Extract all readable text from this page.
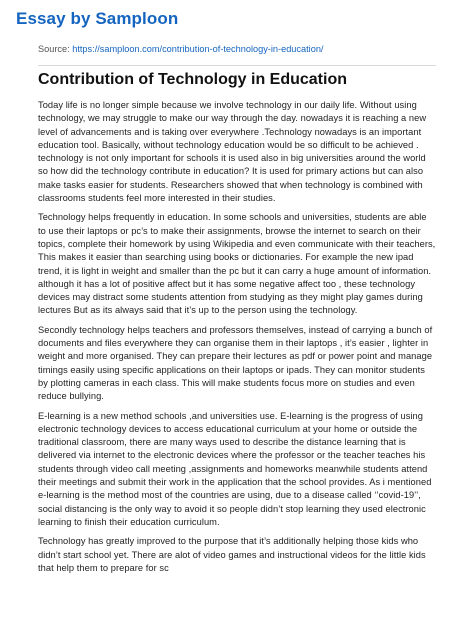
Essay by Samploon
Source: https://samploon.com/contribution-of-technology-in-education/
Contribution of Technology in Education

Today life is no longer simple because we involve technology in our daily life. Without using technology, we may struggle to make our way through the day. nowadays it is reaching a new level of advancements and is taking over everywhere .Technology nowadays is an important education tool. Basically, without technology education would be so difficult to be achieved . technology is not only important for schools it is used also in big universities around the world so how did the technology contribute in education? It is used for primary actions but can also make tasks easier for students. Researchers showed that when technology is combined with classrooms students feel more interested in their studies.

Technology helps frequently in education. In some schools and universities, students are able to use their laptops or pc’s to make their assignments, browse the internet to search on their topics, complete their homework by using Wikipedia and even communicate with their teachers, This makes it easier than searching using books or dictionaries. For example the new ipad trend, it is light in weight and smaller than the pc but it can carry a huge amount of information. although it has a lot of positive affect but it has some negative affect too , these technology devices may distract some students attention from studying as they might play games during lectures But as its always said that it’s up to the person using the technology.

Secondly technology helps teachers and professors themselves, instead of carrying a bunch of documents and files everywhere they can organise them in their laptops , it’s easier , lighter in weight and more organised. They can prepare their lectures as pdf or power point and manage timings easily using specific applications on their laptops or ipads. They can monitor students by plotting cameras in each class. This will make students focus more on studies and even reduce bullying.

E-learning is a new method schools ,and universities use. E-learning is the progress of using electronic technology devices to access educational curriculum at your home or outside the traditional classroom, there are many ways used to describe the distance learning that is delivered via internet to the electronic devices where the professor or the teacher teaches his students through video call meeting ,assignments and homeworks meanwhile students attend their meetings and submit their work in the application that the school provides. As i mentioned e-learning is the method most of the countries are using, due to a disease called ‘’covid-19’’, social distancing is the only way to avoid it so people didn’t stop learning they used electronic learning to finish their education curriculum.

Technology has greatly improved to the purpose that it’s additionally helping those kids who didn’t start school yet. There are alot of video games and instructional videos for the little kids that help them to prepare for sc
